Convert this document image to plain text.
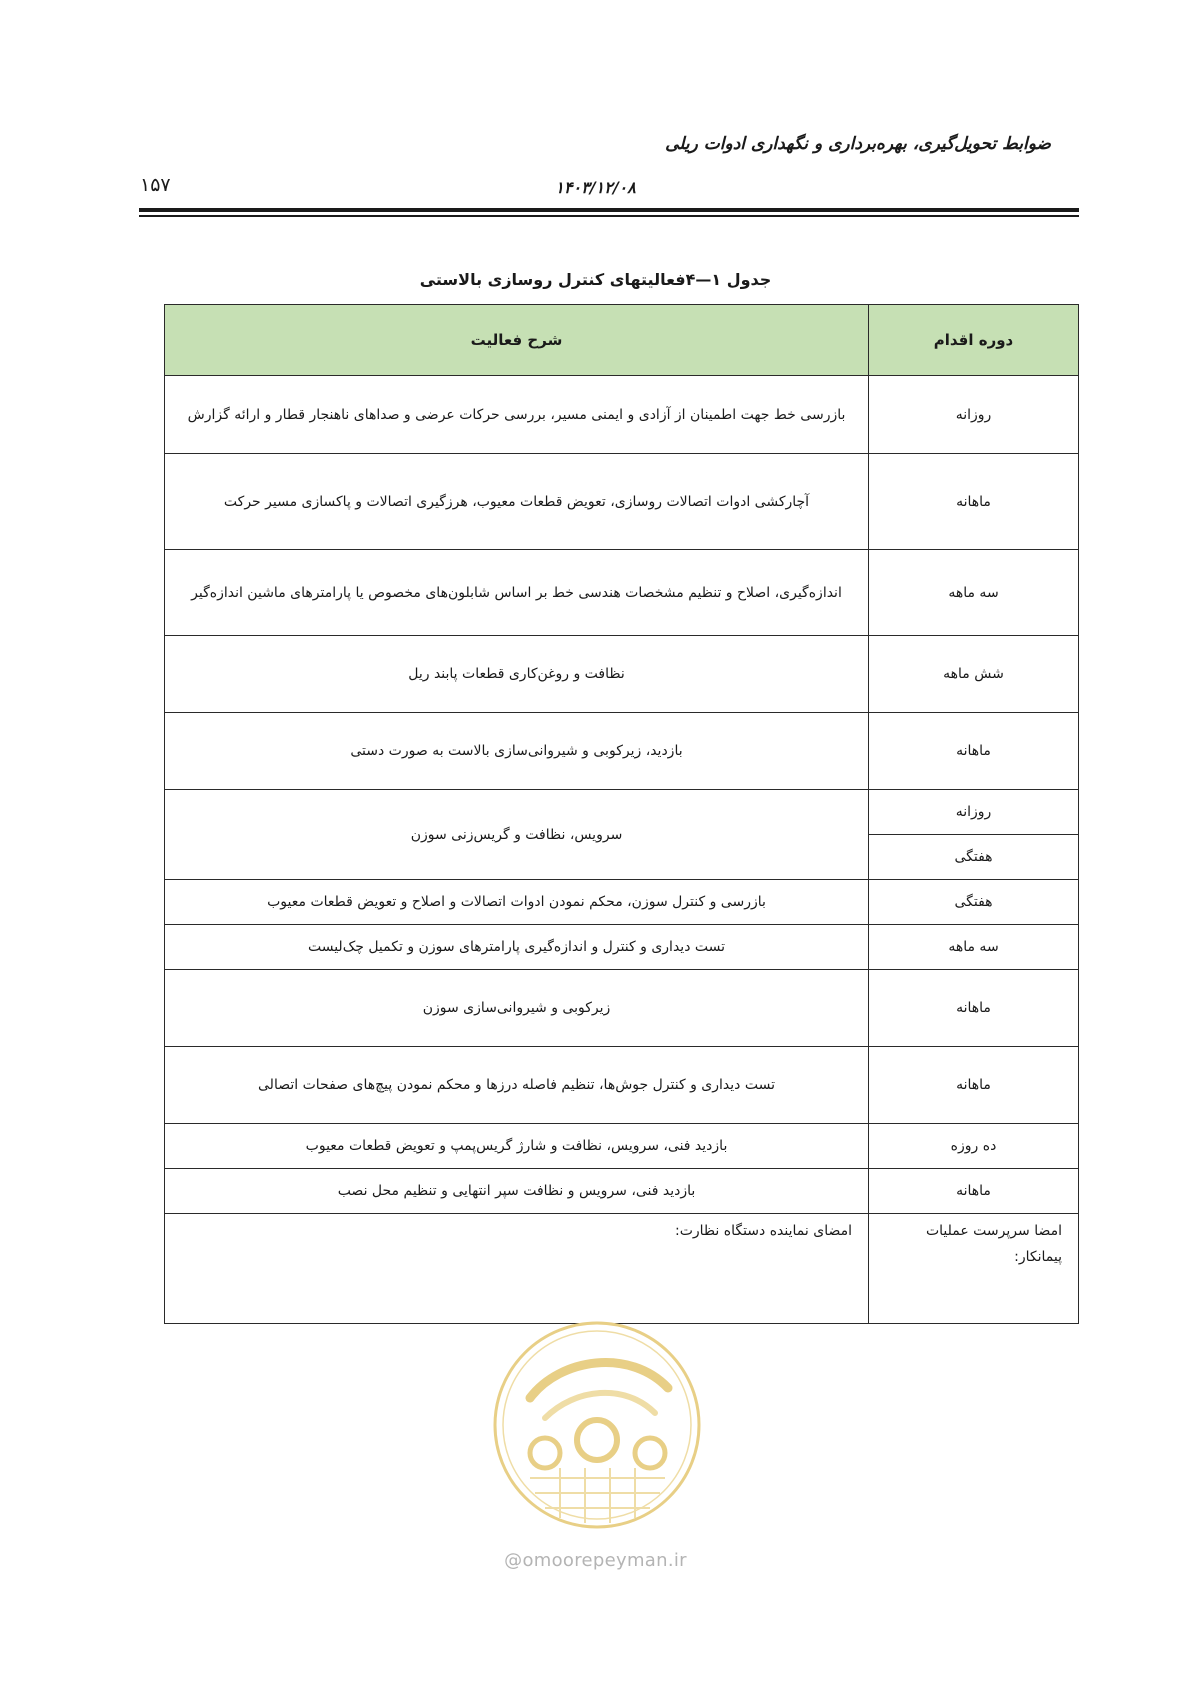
ضوابط تحویل‌گیری، بهره‌برداری و نگهداری ادوات ریلی
۱۵۷	۱۴۰۳/۱۲/۰۸
جدول ۱—۴فعالیتهای کنترل روسازی بالاستی
دوره اقدام	شرح فعالیت
روزانه	بازرسی خط جهت اطمینان از آزادی و ایمنی مسیر، بررسی حرکات عرضی و صداهای ناهنجار قطار و ارائه گزارش
ماهانه	آچارکشی ادوات اتصالات روسازی، تعویض قطعات معیوب، هرزگیری اتصالات و پاکسازی مسیر حرکت
سه ماهه	اندازه‌گیری، اصلاح و تنظیم مشخصات هندسی خط بر اساس شابلون‌های مخصوص یا پارامترهای ماشین اندازه‌گیر
شش ماهه	نظافت و روغن‌کاری قطعات پابند ریل
ماهانه	بازدید، زیرکوبی و شیروانی‌سازی بالاست به صورت دستی
روزانه	سرویس، نظافت و گریس‌زنی سوزن
هفتگی	
هفتگی	بازرسی و کنترل سوزن، محکم نمودن ادوات اتصالات و اصلاح و تعویض قطعات معیوب
سه ماهه	تست دیداری و کنترل و اندازه‌گیری پارامترهای سوزن و تکمیل چک‌لیست
ماهانه	زیرکوبی و شیروانی‌سازی سوزن
ماهانه	تست دیداری و کنترل جوش‌ها، تنظیم فاصله درزها و محکم نمودن پیچ‌های صفحات اتصالی
ده روزه	بازدید فنی، سرویس، نظافت و شارژ گریس‌پمپ و تعویض قطعات معیوب
ماهانه	بازدید فنی، سرویس و نظافت سپر انتهایی و تنظیم محل نصب
امضا سرپرست عملیات پیمانکار:	امضای نماینده دستگاه نظارت:
@omoorepeyman.ir
